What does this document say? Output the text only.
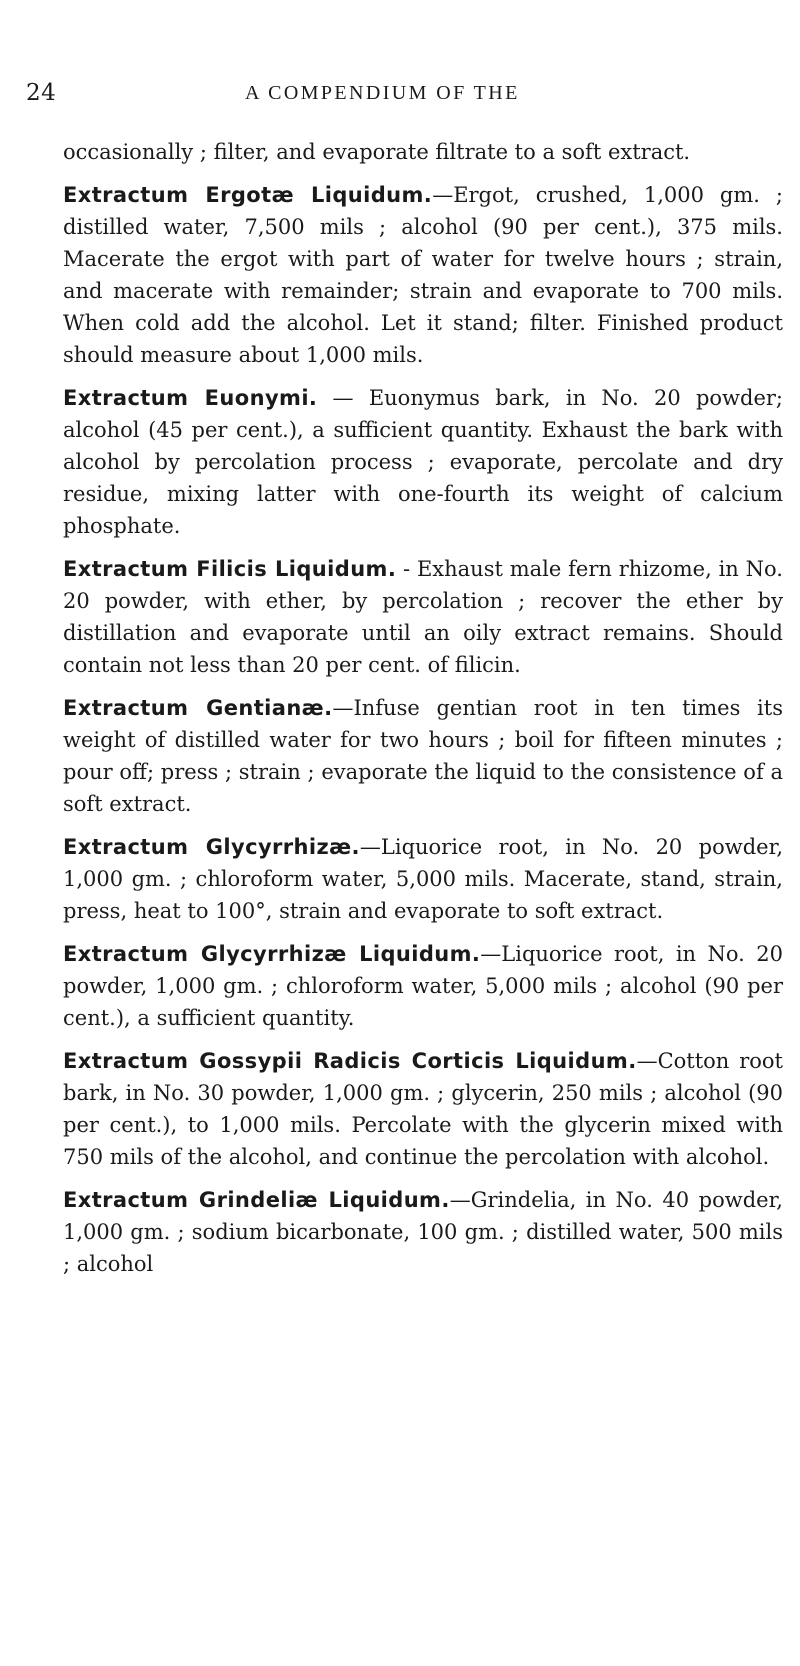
24	A COMPENDIUM OF THE

occasionally ; filter, and evaporate filtrate to a soft extract.

Extractum Ergotæ Liquidum.—Ergot, crushed, 1,000 gm. ; distilled water, 7,500 mils ; alcohol (90 per cent.), 375 mils. Macerate the ergot with part of water for twelve hours ; strain, and macerate with remainder; strain and evaporate to 700 mils. When cold add the alcohol. Let it stand; filter. Finished product should measure about 1,000 mils.

Extractum Euonymi. — Euonymus bark, in No. 20 powder; alcohol (45 per cent.), a sufficient quantity. Exhaust the bark with alcohol by percolation process ; evaporate, percolate and dry residue, mixing latter with one-fourth its weight of calcium phosphate.

Extractum Filicis Liquidum. - Exhaust male fern rhizome, in No. 20 powder, with ether, by percolation ; recover the ether by distillation and evaporate until an oily extract remains. Should contain not less than 20 per cent. of filicin.

Extractum Gentianæ.—Infuse gentian root in ten times its weight of distilled water for two hours ; boil for fifteen minutes ; pour off; press ; strain ; evaporate the liquid to the consistence of a soft extract.

Extractum Glycyrrhizæ.—Liquorice root, in No. 20 powder, 1,000 gm. ; chloroform water, 5,000 mils. Macerate, stand, strain, press, heat to 100°, strain and evaporate to soft extract.

Extractum Glycyrrhizæ Liquidum.—Liquorice root, in No. 20 powder, 1,000 gm. ; chloroform water, 5,000 mils ; alcohol (90 per cent.), a sufficient quantity.

Extractum Gossypii Radicis Corticis Liquidum.—Cotton root bark, in No. 30 powder, 1,000 gm. ; glycerin, 250 mils ; alcohol (90 per cent.), to 1,000 mils. Percolate with the glycerin mixed with 750 mils of the alcohol, and continue the percolation with alcohol.

Extractum Grindeliæ Liquidum.—Grindelia, in No. 40 powder, 1,000 gm. ; sodium bicarbonate, 100 gm. ; distilled water, 500 mils ; alcohol
